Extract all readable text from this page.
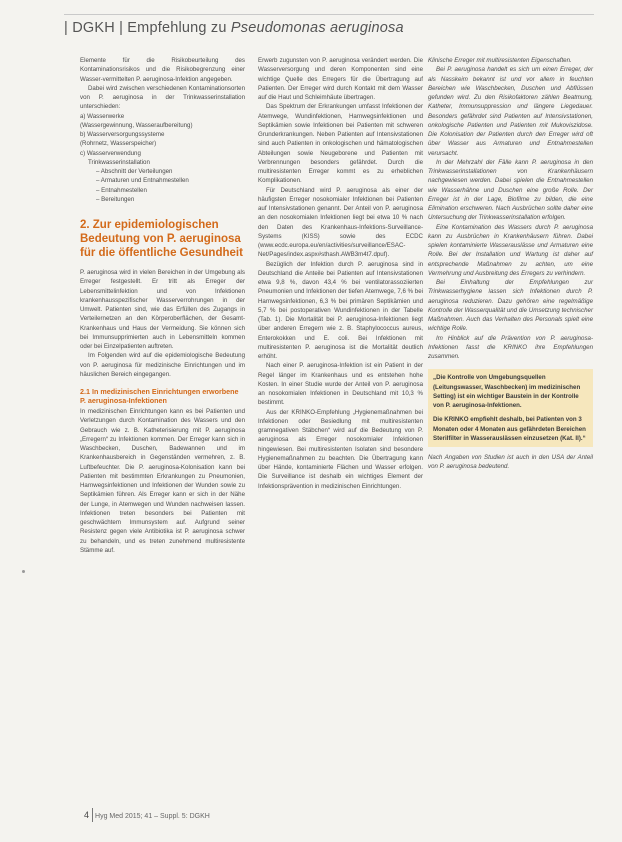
| DGKH | Empfehlung zu Pseudomonas aeruginosa

Elemente für die Risikobeurteilung des Kontaminationsrisikos und die Risikobegrenzung einer Wasser-vermittelten P. aeruginosa-Infektion angegeben.

Dabei wird zwischen verschiedenen Kontaminationsorten von P. aeruginosa in der Trinkwasserinstallation unterschieden:

a) Wasserwerke
(Wassergewinnung, Wasseraufbereitung)
b) Wasserversorgungssysteme
(Rohrnetz, Wasserspeicher)
c) Wasserverwendung
Trinkwasserinstallation
– Abschnitt der Verteilungen
– Armaturen und Entnahmestellen
– Entnahmestellen
– Bereitungen
2. Zur epidemiologischen Bedeutung von P. aeruginosa für die öffentliche Gesundheit

P. aeruginosa wird in vielen Bereichen in der Umgebung als Erreger festgestellt. Er tritt als Erreger der Lebensmittelinfektion und von Infektionen krankenhausspezifischer Wasserverrohrungen in der Umwelt. Patienten sind, wie das Erfüllen des Zugangs in Verteilernetzen an den Körperoberflächen, der Gesamt-Krankenhaus und Haus der Vermeidung. Sie können sich bei Immunsupprimierten auch in Lebensmitteln kommen oder bei Einzelpatienten auftreten.

Im Folgenden wird auf die epidemiologische Bedeutung von P. aeruginosa für medizinische Einrichtungen und im häuslichen Bereich eingegangen.

2.1 In medizinischen Einrichtungen erworbene P. aeruginosa-Infektionen

In medizinischen Einrichtungen kann es bei Patienten und Verletzungen durch Kontamination des Wassers und den Gebrauch wie z. B. Katheterisierung mit P. aeruginosa „Erregern“ zu Infektionen kommen. Der Erreger kann sich in Waschbecken, Duschen, Badewannen und im Krankenhausbereich in Gegenständen vermehren, z. B. Luftbefeuchter. Die P. aeruginosa-Kolonisation kann bei Patienten mit bestimmten Erkrankungen zu Pneumonien, Harnwegsinfektionen und Infektionen der Wunden sowie zu Septikämien führen. Als Erreger kann er sich in der Nähe der Lunge, in Atemwegen und Wunden nachweisen lassen. Infektionen treten besonders bei Patienten mit geschwächtem Immunsystem auf. Aufgrund seiner Resistenz gegen viele Antibiotika ist P. aeruginosa schwer zu behandeln, und es treten zunehmend multiresistente Stämme auf.

Erwerb zugunsten von P. aeruginosa verändert werden. Die Wasserversorgung und deren Komponenten sind eine wichtige Quelle des Erregers für die Übertragung auf Patienten. Der Erreger wird durch Kontakt mit dem Wasser auf die Haut und Schleimhäute übertragen.

Das Spektrum der Erkrankungen umfasst Infektionen der Atemwege, Wundinfektionen, Harnwegsinfektionen und Septikämien sowie Infektionen bei Patienten mit schweren Grunderkrankungen. Neben Patienten auf Intensivstationen sind auch Patienten in onkologischen und hämatologischen Abteilungen sowie Neugeborene und Patienten mit Verbrennungen besonders gefährdet. Durch die multiresistenten Erreger kommt es zu erheblichen Komplikationen.

Für Deutschland wird P. aeruginosa als einer der häufigsten Erreger nosokomialer Infektionen bei Patienten auf Intensivstationen genannt. Der Anteil von P. aeruginosa an den nosokomialen Infektionen liegt bei etwa 10 % nach den Daten des Krankenhaus-Infektions-Surveillance-Systems (KISS) sowie des ECDC (www.ecdc.europa.eu/en/activities/surveillance/ESAC-Net/Pages/index.aspx#sthash.AWB3m4t7.dpuf).

Bezüglich der Infektion durch P. aeruginosa sind in Deutschland die Anteile bei Patienten auf Intensivstationen etwa 9,8 %, davon 43,4 % bei ventilatorassoziierten Pneumonien und Infektionen der tiefen Atemwege, 7,6 % bei Harnwegsinfektionen, 6,3 % bei primären Septikämien und 5,7 % bei postoperativen Wundinfektionen in der Tabelle (Tab. 1). Die Mortalität bei P. aeruginosa-Infektionen liegt über anderen Erregern wie z. B. Staphylococcus aureus, Enterokokken und E. coli. Bei Infektionen mit multiresistenten P. aeruginosa ist die Mortalität deutlich erhöht.

Nach einer P. aeruginosa-Infektion ist ein Patient in der Regel länger im Krankenhaus und es entstehen hohe Kosten. In einer Studie wurde der Anteil von P. aeruginosa an nosokomialen Infektionen in Deutschland mit 10,3 % bestimmt.

Aus der KRINKO-Empfehlung „Hygienemaßnahmen bei Infektionen oder Besiedlung mit multiresistenten gramnegativen Stäbchen“ wird auf die Bedeutung von P. aeruginosa als Erreger nosokomialer Infektionen hingewiesen. Bei multiresistenten Isolaten sind besondere Hygienemaßnahmen zu beachten. Die Übertragung kann über Hände, kontaminierte Flächen und Wasser erfolgen. Die Surveillance ist deshalb ein wichtiges Element der Infektionsprävention in medizinischen Einrichtungen.

Klinische Erreger mit multiresistenten Eigenschaften.

Bei P. aeruginosa handelt es sich um einen Erreger, der als Nasskeim bekannt ist und vor allem in feuchten Bereichen wie Waschbecken, Duschen und Abflüssen gefunden wird. Zu den Risikofaktoren zählen Beatmung, Katheter, Immunsuppression und längere Liegedauer. Besonders gefährdet sind Patienten auf Intensivstationen, onkologische Patienten und Patienten mit Mukoviszidose. Die Kolonisation der Patienten durch den Erreger wird oft über Wasser aus Armaturen und Entnahmestellen verursacht.

In der Mehrzahl der Fälle kann P. aeruginosa in den Trinkwasserinstallationen von Krankenhäusern nachgewiesen werden. Dabei spielen die Entnahmestellen wie Wasserhähne und Duschen eine große Rolle. Der Erreger ist in der Lage, Biofilme zu bilden, die eine Elimination erschweren. Nach Ausbrüchen sollte daher eine Untersuchung der Trinkwasserinstallation erfolgen.

Eine Kontamination des Wassers durch P. aeruginosa kann zu Ausbrüchen in Krankenhäusern führen. Dabei spielen kontaminierte Wasserauslässe und Armaturen eine Rolle. Bei der Installation und Wartung ist daher auf entsprechende Maßnahmen zu achten, um eine Vermehrung und Ausbreitung des Erregers zu verhindern.

Bei Einhaltung der Empfehlungen zur Trinkwasserhygiene lassen sich Infektionen durch P. aeruginosa reduzieren. Dazu gehören eine regelmäßige Kontrolle der Wasserqualität und die Umsetzung technischer Maßnahmen. Auch das Verhalten des Personals spielt eine wichtige Rolle.

Im Hinblick auf die Prävention von P. aeruginosa-Infektionen fasst die KRINKO ihre Empfehlungen zusammen.

„Die Kontrolle von Umgebungsquellen (Leitungswasser, Waschbecken) im medizinischen Setting) ist ein wichtiger Baustein in der Kontrolle von P. aeruginosa-Infektionen.

Die KRINKO empfiehlt deshalb, bei Patienten von 3 Monaten oder 4 Monaten aus gefährdeten Bereichen Sterilfilter in Wasserauslässen einzusetzen (Kat. II).“

Nach Angaben von Studien ist auch in den USA der Anteil von P. aeruginosa bedeutend.

4 Hyg Med 2015; 41 – Suppl. 5: DGKH
